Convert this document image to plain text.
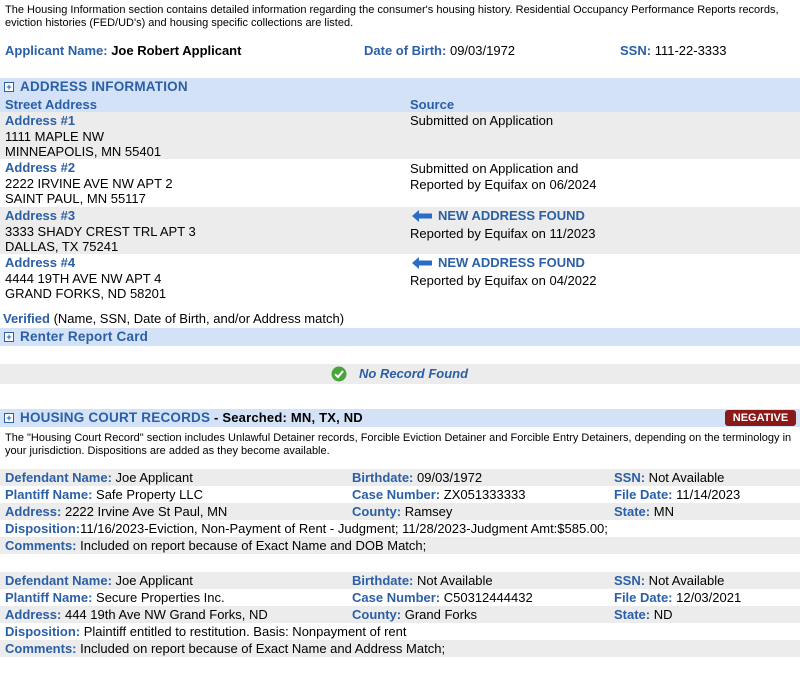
The Housing Information section contains detailed information regarding the consumer's housing history. Residential Occupancy Performance Reports records, eviction histories (FED/UD's) and housing specific collections are listed.
Applicant Name: Joe Robert Applicant	Date of Birth: 09/03/1972	SSN: 111-22-3333
+ ADDRESS INFORMATION
Street Address	Source
Address #1
1111 MAPLE NW
MINNEAPOLIS, MN 55401
Submitted on Application
Address #2
2222 IRVINE AVE NW APT 2
SAINT PAUL, MN 55117
Submitted on Application and
Reported by Equifax on 06/2024
Address #3
3333 SHADY CREST TRL APT 3
DALLAS, TX 75241
NEW ADDRESS FOUND
Reported by Equifax on 11/2023
Address #4
4444 19TH AVE NW APT 4
GRAND FORKS, ND 58201
NEW ADDRESS FOUND
Reported by Equifax on 04/2022
Verified (Name, SSN, Date of Birth, and/or Address match)
+ Renter Report Card
No Record Found
+ HOUSING COURT RECORDS - Searched: MN, TX, ND	NEGATIVE
The "Housing Court Record" section includes Unlawful Detainer records, Forcible Eviction Detainer and Forcible Entry Detainers, depending on the terminology in your jurisdiction. Dispositions are added as they become available.
Defendant Name: Joe Applicant	Birthdate: 09/03/1972	SSN: Not Available
Plantiff Name: Safe Property LLC	Case Number: ZX051333333	File Date: 11/14/2023
Address: 2222 Irvine Ave St Paul, MN	County: Ramsey	State: MN
Disposition:11/16/2023-Eviction, Non-Payment of Rent - Judgment; 11/28/2023-Judgment Amt:$585.00;
Comments: Included on report because of Exact Name and DOB Match;
Defendant Name: Joe Applicant	Birthdate: Not Available	SSN: Not Available
Plantiff Name: Secure Properties Inc.	Case Number: C50312444432	File Date: 12/03/2021
Address: 444 19th Ave NW Grand Forks, ND	County: Grand Forks	State: ND
Disposition: Plaintiff entitled to restitution. Basis: Nonpayment of rent
Comments: Included on report because of Exact Name and Address Match;
